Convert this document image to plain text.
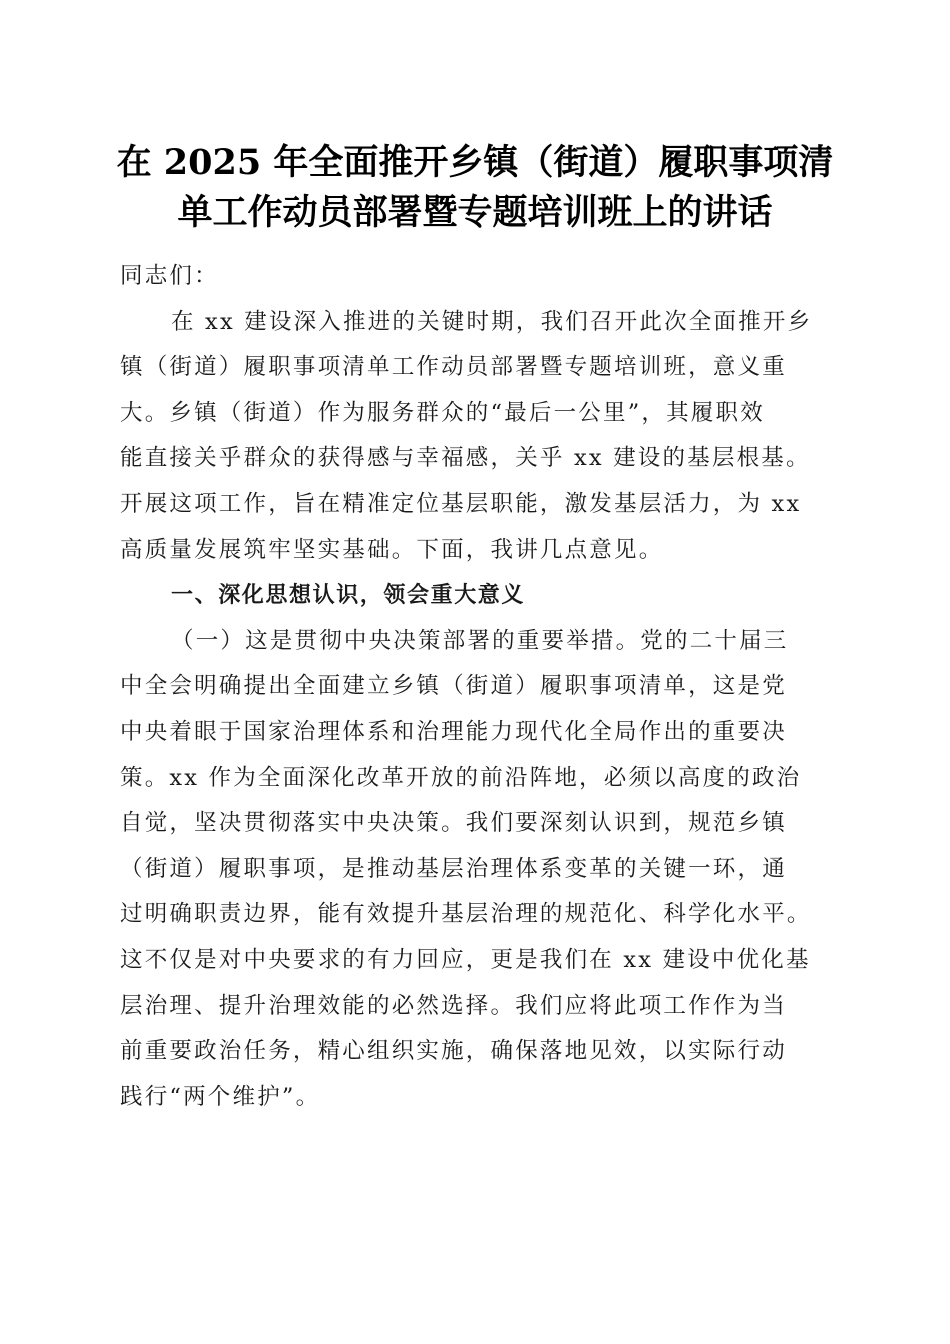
在 2025 年全面推开乡镇（街道）履职事项清
单工作动员部署暨专题培训班上的讲话
同志们：
在 xx 建设深入推进的关键时期，我们召开此次全面推开乡
镇（街道）履职事项清单工作动员部署暨专题培训班，意义重
大。乡镇（街道）作为服务群众的“最后一公里”，其履职效
能直接关乎群众的获得感与幸福感，关乎 xx 建设的基层根基。
开展这项工作，旨在精准定位基层职能，激发基层活力，为 xx
高质量发展筑牢坚实基础。下面，我讲几点意见。
一、深化思想认识，领会重大意义
（一）这是贯彻中央决策部署的重要举措。党的二十届三
中全会明确提出全面建立乡镇（街道）履职事项清单，这是党
中央着眼于国家治理体系和治理能力现代化全局作出的重要决
策。xx 作为全面深化改革开放的前沿阵地，必须以高度的政治
自觉，坚决贯彻落实中央决策。我们要深刻认识到，规范乡镇
（街道）履职事项，是推动基层治理体系变革的关键一环，通
过明确职责边界，能有效提升基层治理的规范化、科学化水平。
这不仅是对中央要求的有力回应，更是我们在 xx 建设中优化基
层治理、提升治理效能的必然选择。我们应将此项工作作为当
前重要政治任务，精心组织实施，确保落地见效，以实际行动
践行“两个维护”。
